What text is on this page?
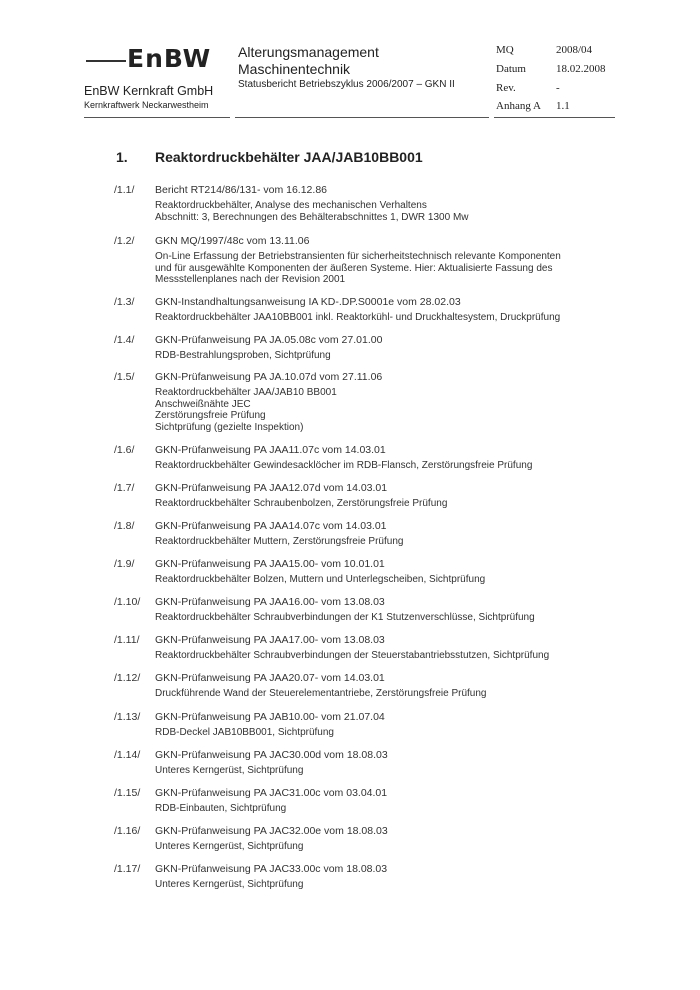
EnBW
EnBW Kernkraft GmbH
Kernkraftwerk Neckarwestheim
Alterungsmanagement
Maschinentechnik
Statusbericht Betriebszyklus 2006/2007 – GKN II
MQ	2008/04
Datum	18.02.2008
Rev.	-
Anhang A 1.1
1. Reaktordruckbehälter JAA/JAB10BB001
/1.1/ Bericht RT214/86/131- vom 16.12.86
Reaktordruckbehälter, Analyse des mechanischen Verhaltens
Abschnitt: 3, Berechnungen des Behälterabschnittes 1, DWR 1300 Mw
/1.2/ GKN MQ/1997/48c vom 13.11.06
On-Line Erfassung der Betriebstransienten für sicherheitstechnisch relevante Komponenten
und für ausgewählte Komponenten der äußeren Systeme. Hier: Aktualisierte Fassung des
Messstellenplanes nach der Revision 2001
/1.3/ GKN-Instandhaltungsanweisung IA KD-.DP.S0001e vom 28.02.03
Reaktordruckbehälter JAA10BB001 inkl. Reaktorkühl- und Druckhaltesystem, Druckprüfung
/1.4/ GKN-Prüfanweisung PA JA.05.08c vom 27.01.00
RDB-Bestrahlungsproben, Sichtprüfung
/1.5/ GKN-Prüfanweisung PA JA.10.07d vom 27.11.06
Reaktordruckbehälter JAA/JAB10 BB001
Anschweißnähte JEC
Zerstörungsfreie Prüfung
Sichtprüfung (gezielte Inspektion)
/1.6/ GKN-Prüfanweisung PA JAA11.07c vom 14.03.01
Reaktordruckbehälter Gewindesacklöcher im RDB-Flansch, Zerstörungsfreie Prüfung
/1.7/ GKN-Prüfanweisung PA JAA12.07d vom 14.03.01
Reaktordruckbehälter Schraubenbolzen, Zerstörungsfreie Prüfung
/1.8/ GKN-Prüfanweisung PA JAA14.07c vom 14.03.01
Reaktordruckbehälter Muttern, Zerstörungsfreie Prüfung
/1.9/ GKN-Prüfanweisung PA JAA15.00- vom 10.01.01
Reaktordruckbehälter Bolzen, Muttern und Unterlegscheiben, Sichtprüfung
/1.10/ GKN-Prüfanweisung PA JAA16.00- vom 13.08.03
Reaktordruckbehälter Schraubverbindungen der K1 Stutzenverschlüsse, Sichtprüfung
/1.11/ GKN-Prüfanweisung PA JAA17.00- vom 13.08.03
Reaktordruckbehälter Schraubverbindungen der Steuerstabantriebsstutzen, Sichtprüfung
/1.12/ GKN-Prüfanweisung PA JAA20.07- vom 14.03.01
Druckführende Wand der Steuerelementantriebe, Zerstörungsfreie Prüfung
/1.13/ GKN-Prüfanweisung PA JAB10.00- vom 21.07.04
RDB-Deckel JAB10BB001, Sichtprüfung
/1.14/ GKN-Prüfanweisung PA JAC30.00d vom 18.08.03
Unteres Kerngerüst, Sichtprüfung
/1.15/ GKN-Prüfanweisung PA JAC31.00c vom 03.04.01
RDB-Einbauten, Sichtprüfung
/1.16/ GKN-Prüfanweisung PA JAC32.00e vom 18.08.03
Unteres Kerngerüst, Sichtprüfung
/1.17/ GKN-Prüfanweisung PA JAC33.00c vom 18.08.03
Unteres Kerngerüst, Sichtprüfung
